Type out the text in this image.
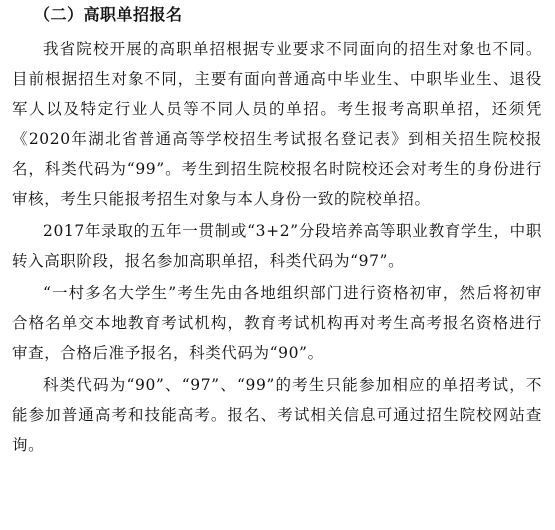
（二）高职单招报名

我省院校开展的高职单招根据专业要求不同面向的招生对象也不同。目前根据招生对象不同，主要有面向普通高中毕业生、中职毕业生、退役军人以及特定行业人员等不同人员的单招。考生报考高职单招，还须凭《2020年湖北省普通高等学校招生考试报名登记表》到相关招生院校报名，科类代码为“99”。考生到招生院校报名时院校还会对考生的身份进行审核，考生只能报考招生对象与本人身份一致的院校单招。

2017年录取的五年一贯制或“3+2”分段培养高等职业教育学生，中职转入高职阶段，报名参加高职单招，科类代码为“97”。

“一村多名大学生”考生先由各地组织部门进行资格初审，然后将初审合格名单交本地教育考试机构，教育考试机构再对考生高考报名资格进行审查，合格后准予报名，科类代码为“90”。

科类代码为“90”、“97”、“99”的考生只能参加相应的单招考试，不能参加普通高考和技能高考。报名、考试相关信息可通过招生院校网站查询。
